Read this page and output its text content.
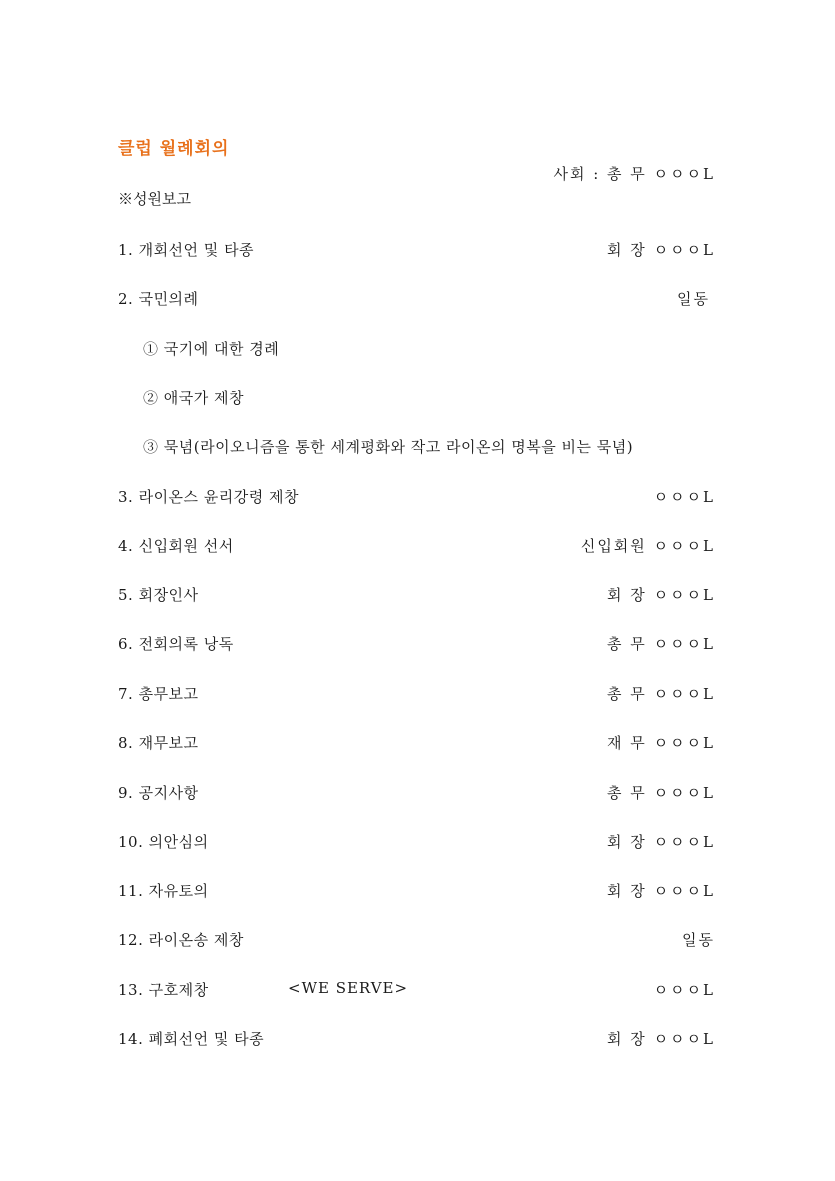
클럽 월례회의
사회 : 총 무 ㅇㅇㅇL
※성원보고
1. 개회선언 및 타종	회 장 ㅇㅇㅇL
2. 국민의례	일동
① 국기에 대한 경례
② 애국가 제창
③ 묵념(라이오니즘을 통한 세계평화와 작고 라이온의 명복을 비는 묵념)
3. 라이온스 윤리강령 제창	ㅇㅇㅇL
4. 신입회원 선서	신입회원 ㅇㅇㅇL
5. 회장인사	회 장 ㅇㅇㅇL
6. 전회의록 낭독	총 무 ㅇㅇㅇL
7. 총무보고	총 무 ㅇㅇㅇL
8. 재무보고	재 무 ㅇㅇㅇL
9. 공지사항	총 무 ㅇㅇㅇL
10. 의안심의	회 장 ㅇㅇㅇL
11. 자유토의	회 장 ㅇㅇㅇL
12. 라이온송 제창	일동
13. 구호제창	<WE SERVE>	ㅇㅇㅇL
14. 폐회선언 및 타종	회 장 ㅇㅇㅇL
